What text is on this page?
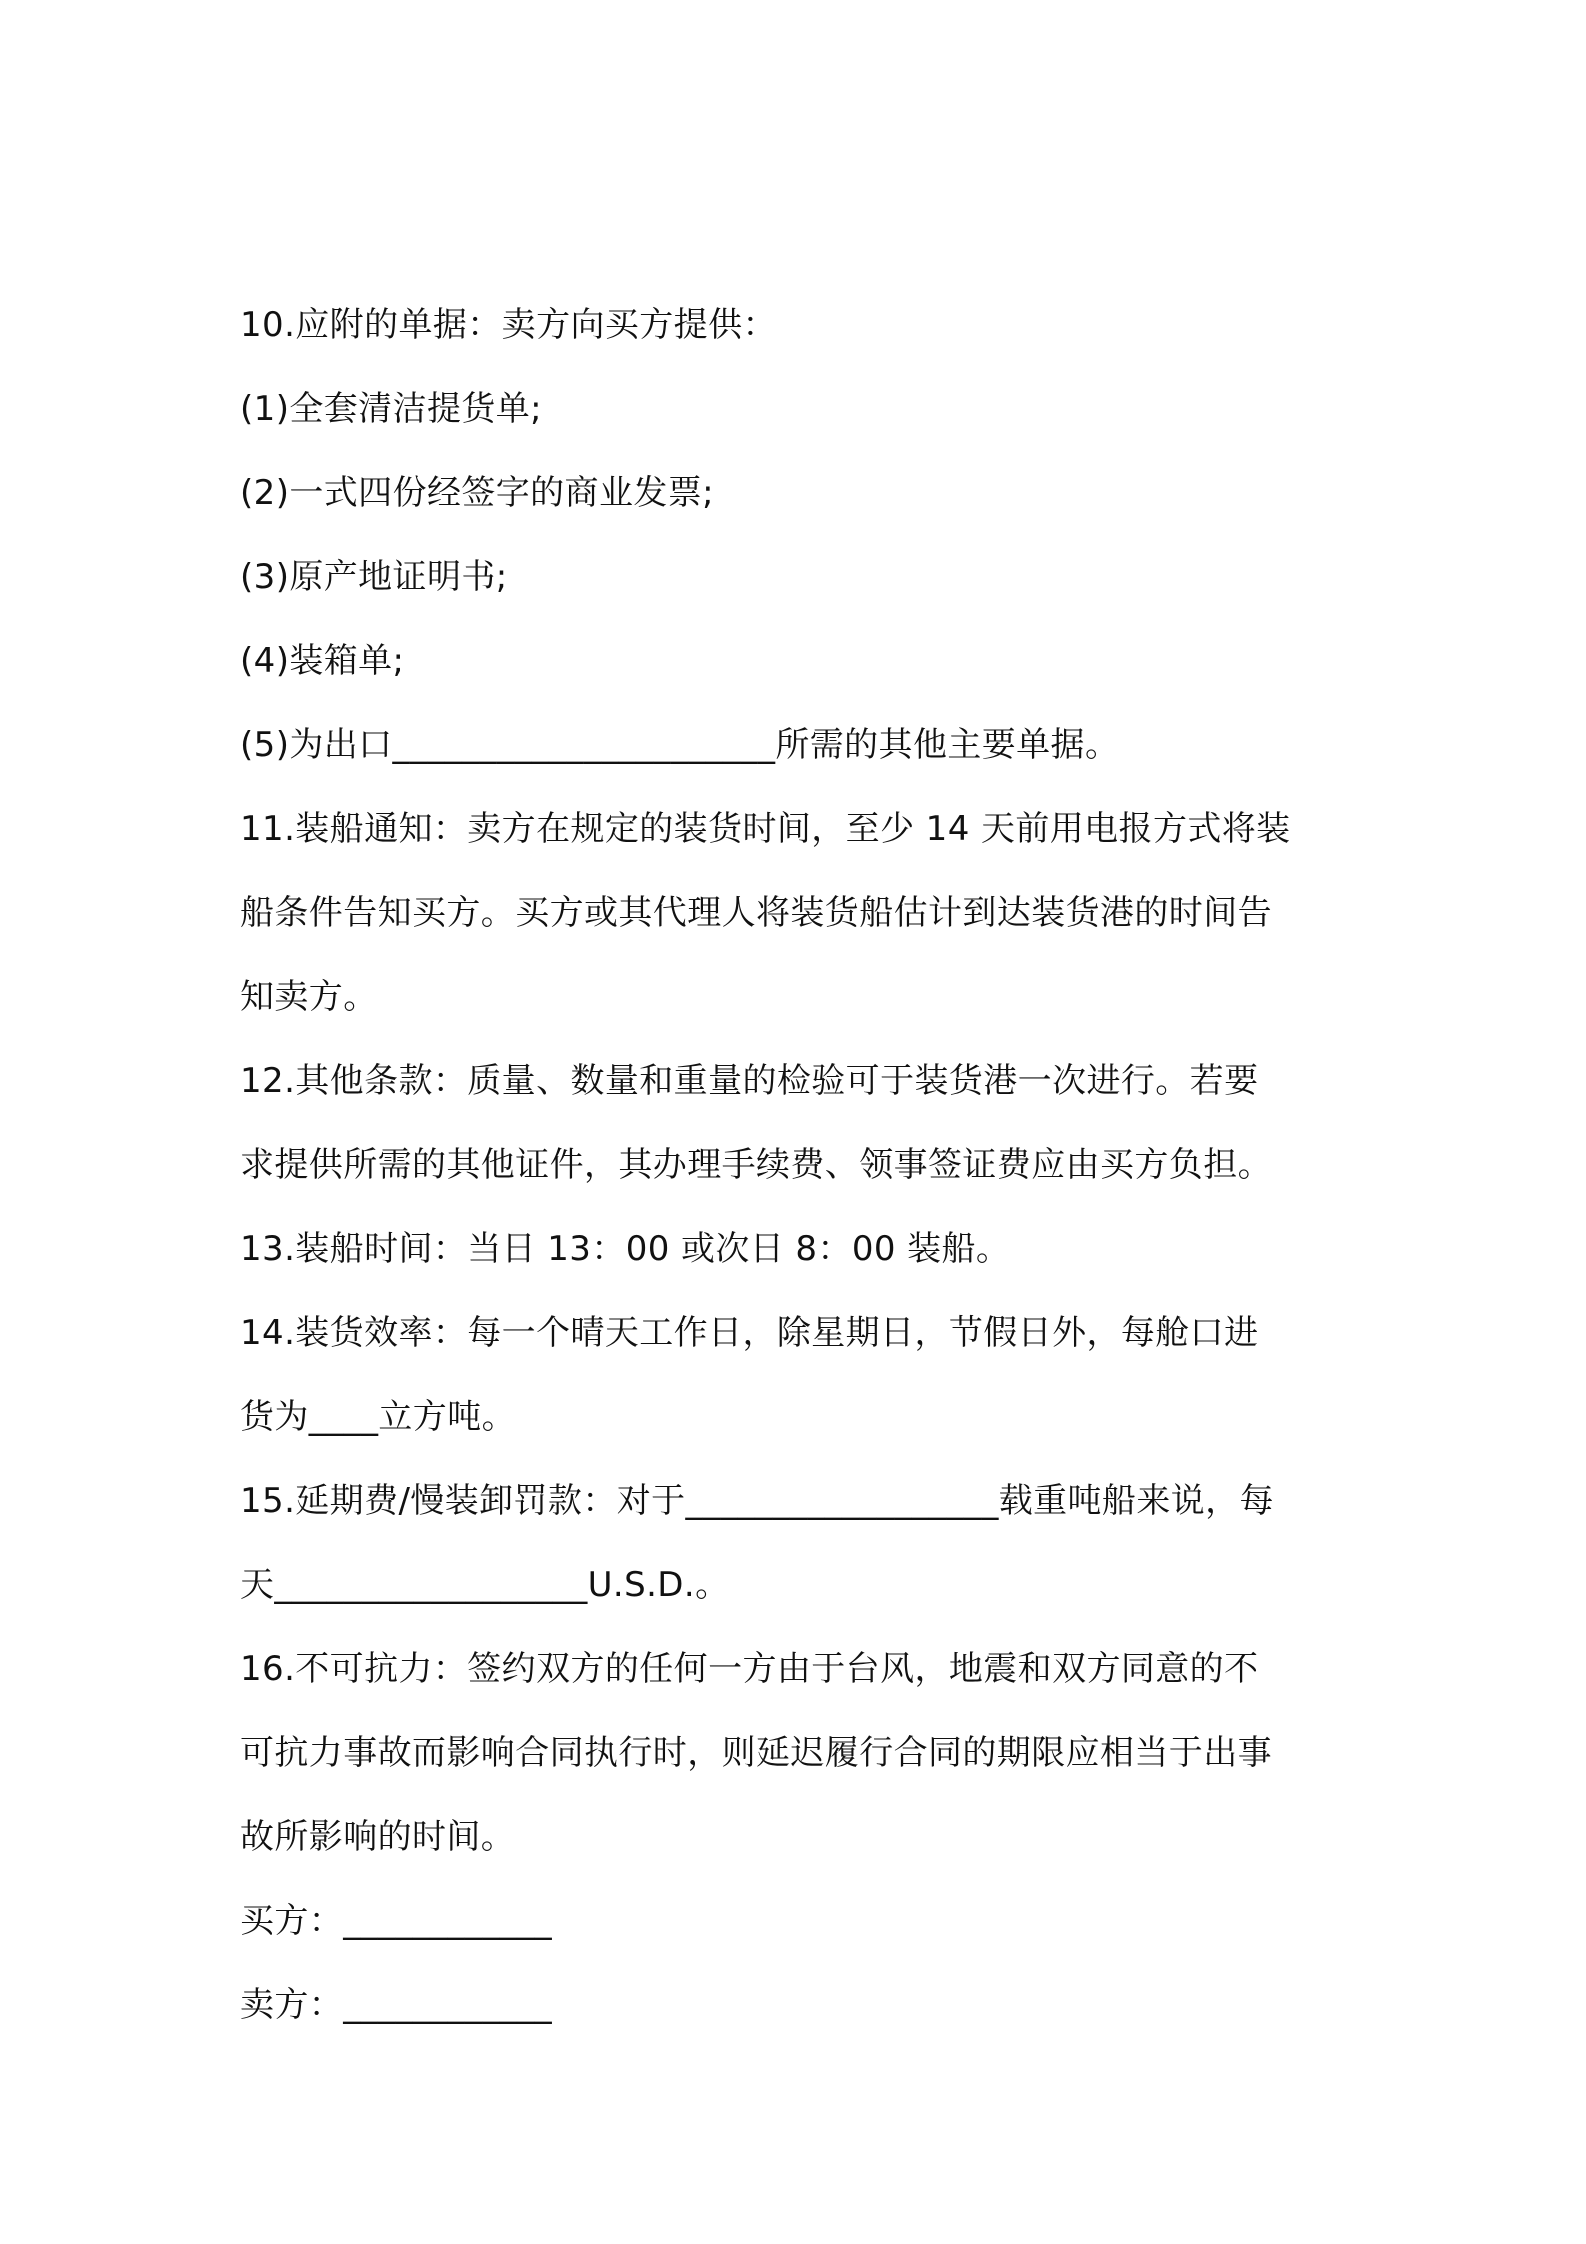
10.应附的单据：卖方向买方提供：
(1)全套清洁提货单;
(2)一式四份经签字的商业发票;
(3)原产地证明书;
(4)装箱单;
(5)为出口______________________所需的其他主要单据。
11.装船通知：卖方在规定的装货时间，至少 14 天前用电报方式将装
船条件告知买方。买方或其代理人将装货船估计到达装货港的时间告
知卖方。
12.其他条款：质量、数量和重量的检验可于装货港一次进行。若要
求提供所需的其他证件，其办理手续费、领事签证费应由买方负担。
13.装船时间：当日 13：00 或次日 8：00 装船。
14.装货效率：每一个晴天工作日，除星期日，节假日外，每舱口进
货为____立方吨。
15.延期费/慢装卸罚款：对于__________________载重吨船来说，每
天__________________U.S.D.。
16.不可抗力：签约双方的任何一方由于台风，地震和双方同意的不
可抗力事故而影响合同执行时，则延迟履行合同的期限应相当于出事
故所影响的时间。
买方：____________
卖方：____________
